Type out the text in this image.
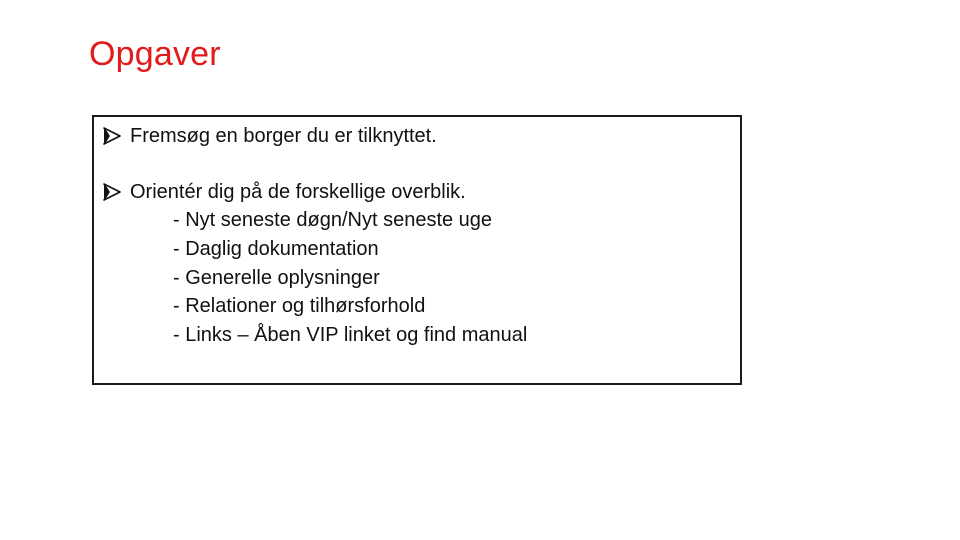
Opgaver
Fremsøg en borger du er tilknyttet.
Orientér dig på de forskellige overblik.
- Nyt seneste døgn/Nyt seneste uge
- Daglig dokumentation
- Generelle oplysninger
- Relationer og tilhørsforhold
- Links – Åben VIP linket og find manual
